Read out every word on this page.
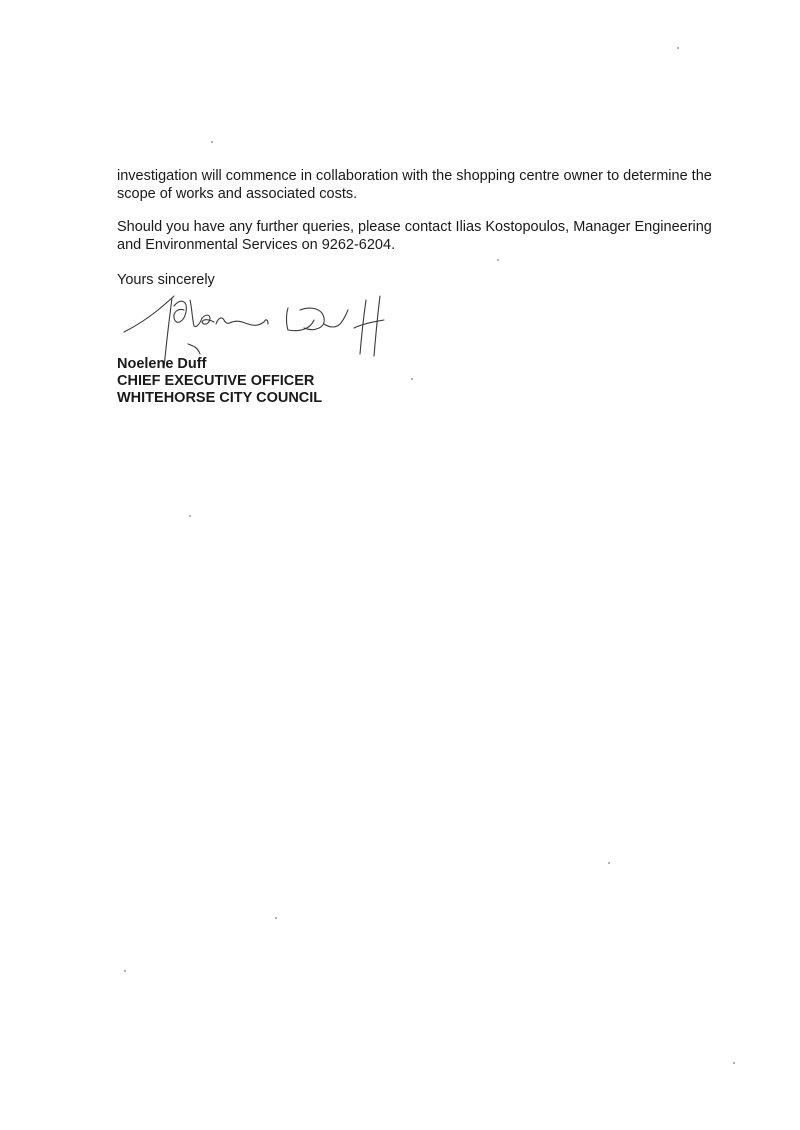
investigation will commence in collaboration with the shopping centre owner to determine the scope of works and associated costs.

Should you have any further queries, please contact Ilias Kostopoulos, Manager Engineering and Environmental Services on 9262-6204.

Yours sincerely

Noelene Duff

CHIEF EXECUTIVE OFFICER

WHITEHORSE CITY COUNCIL
